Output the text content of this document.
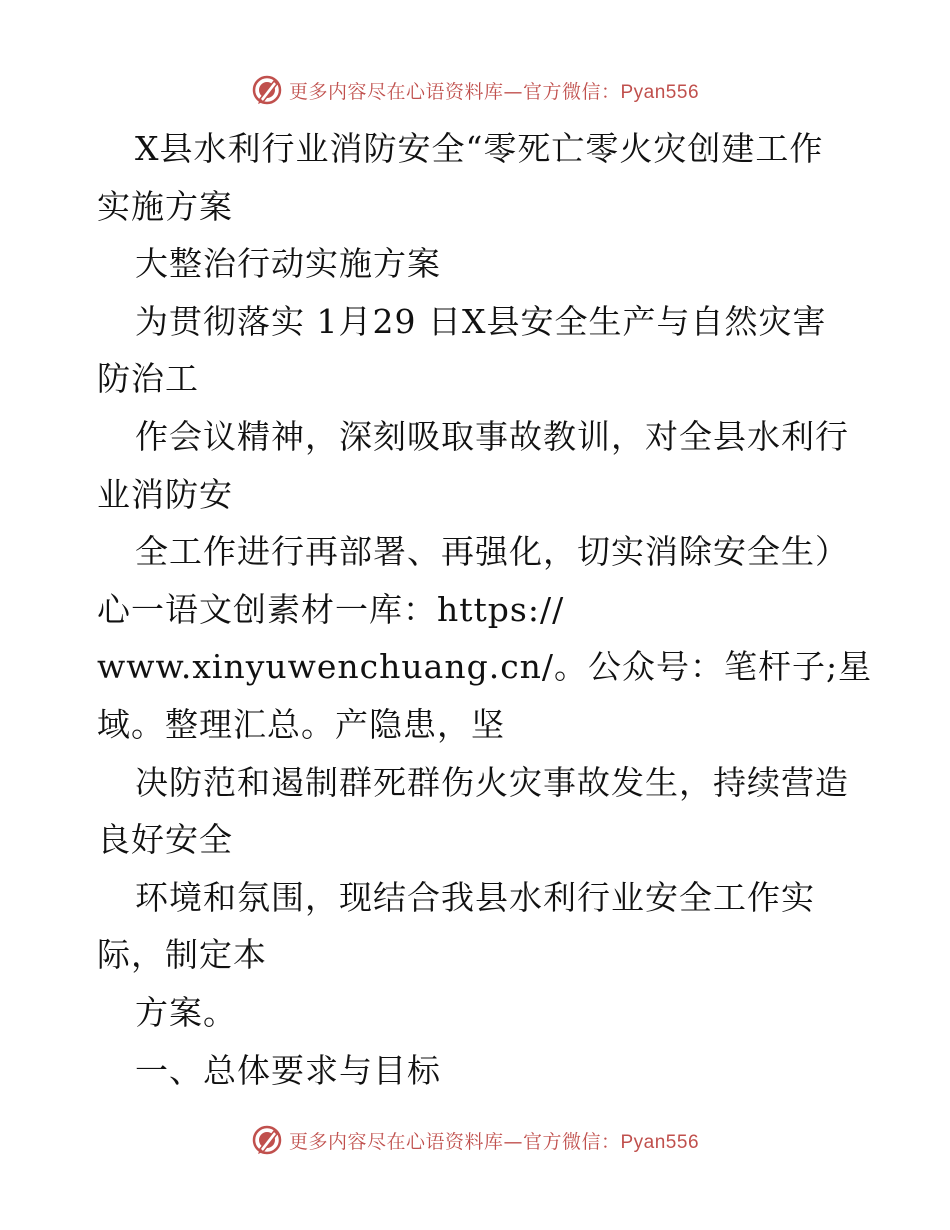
更多内容尽在心语资料库—官方微信：Pyan556
X县水利行业消防安全“零死亡零火灾创建工作
实施方案
大整治行动实施方案
为贯彻落实 1月29 日X县安全生产与自然灾害
防治工
作会议精神，深刻吸取事故教训，对全县水利行
业消防安
全工作进行再部署、再强化，切实消除安全生）
心一语文创素材一库：https://
www.xinyuwenchuang.cn/。公众号：笔杆子;星
域。整理汇总。产隐患，坚
决防范和遏制群死群伤火灾事故发生，持续营造
良好安全
环境和氛围，现结合我县水利行业安全工作实
际，制定本
方案。
一、总体要求与目标
更多内容尽在心语资料库—官方微信：Pyan556
